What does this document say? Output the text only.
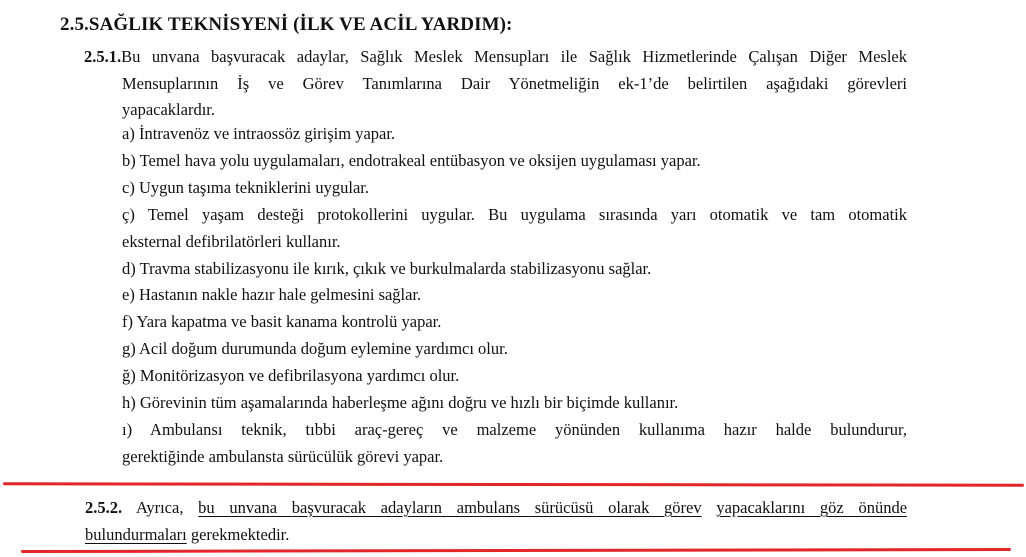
2.5.SAĞLIK TEKNİSYENİ (İLK VE ACİL YARDIM):
2.5.1.Bu unvana başvuracak adaylar, Sağlık Meslek Mensupları ile Sağlık Hizmetlerinde Çalışan Diğer Meslek
Mensuplarının İş ve Görev Tanımlarına Dair Yönetmeliğin ek-1’de belirtilen aşağıdaki görevleri
yapacaklardır.
a) İntravenöz ve intraossöz girişim yapar.
b) Temel hava yolu uygulamaları, endotrakeal entübasyon ve oksijen uygulaması yapar.
c) Uygun taşıma tekniklerini uygular.
ç) Temel yaşam desteği protokollerini uygular. Bu uygulama sırasında yarı otomatik ve tam otomatik
eksternal defibrilatörleri kullanır.
d) Travma stabilizasyonu ile kırık, çıkık ve burkulmalarda stabilizasyonu sağlar.
e) Hastanın nakle hazır hale gelmesini sağlar.
f) Yara kapatma ve basit kanama kontrolü yapar.
g) Acil doğum durumunda doğum eylemine yardımcı olur.
ğ) Monitörizasyon ve defibrilasyona yardımcı olur.
h) Görevinin tüm aşamalarında haberleşme ağını doğru ve hızlı bir biçimde kullanır.
ı) Ambulansı teknik, tıbbi araç-gereç ve malzeme yönünden kullanıma hazır halde bulundurur,
gerektiğinde ambulansta sürücülük görevi yapar.
2.5.2. Ayrıca, bu unvana başvuracak adayların ambulans sürücüsü olarak görev yapacaklarını göz önünde
bulundurmaları gerekmektedir.
